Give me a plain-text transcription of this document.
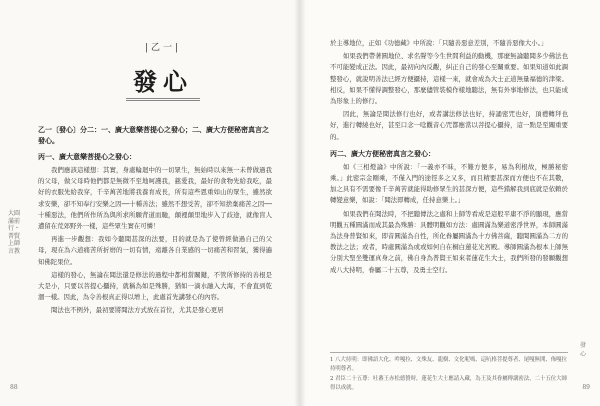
|乙一|
發心
乙一〔發心〕分二：一、廣大意樂菩提心之發心；二、廣大方便秘密真言之發心。
丙一、廣大意樂菩提心之發心：

我們應該這樣想：其實，身處輪迴中的一切眾生，無始時以來無一未曾做過我的父母，做父母時他們都是無微不至地呵護我，慈愛我，最好的食物先給我吃，最好的衣服先給我穿，千辛萬苦地將我養育成長，所有這些恩重如山的眾生，雖然欲求安樂，卻不知奉行安樂之因──十種善法；雖然不想受苦，卻不知捨棄痛苦之因──十種惡法，他們所作所為與所求所願背道而馳，顛裡顛里地步入了歧途，就像盲人遭留在荒郊野外一樣，這些眾生實在可憐！

再進一步觀想：我如今聽聞甚深的法要，目的就是為了使曾經做過自己的父母，現在為六道痛苦所折磨的一切有情，遠離各自業感的一切痛苦和習氣，獲得遍知佛陀果位。

這樣的發心，無論在聞法還是修法的過程中都相當關鍵，不管所修持的善根是大是小，只要以菩提心攝持，就稱為如是殊勝，猶如一滴水融入大海，不會直到乾涸一樣。因此，為令善根真正得以增上，此處首先講發心的內容。

聞法也不例外，最初要將聞法方式放在首位，尤其是發心更居

大圓滿前行・普賢上師言教
88	89

於主導地位，正如《功德藏》中所說：「只隨善惡意差別，不隨善惡像大小。」

如果我們帶著圓地位、求名聲等今生世間利益的動機，那麼無論聽聞多少佛法也不可能變成正法。因此，最初向內反觀，糾正自己的發心至關重要。如果知道如此調整發心，就說明善法已經方便攝持，這樣一來，就會成為大士正道無量福德的津梁。相反，如果不懂得調整發心，那麼儘管裝模作樣地聽法，無有外事地修法，也只能成為形象上的修行。

因此，無論是聞法修行也好，或者講法修法也好，持誦密咒也好，頂禮轉拜也好，進行轉繞也好，甚至口念一唸觀音心咒都應當以菩提心攝持，這一點是至關重要的。

丙二、廣大方便秘密真言之發心：

如《三相燈論》中所說：「一義亦不昧，不難方便多，易為利根故，極勝秘密乘。」此密宗金剛乘，不僅入門的途徑多之又多，而且精要甚深而方便也不在其數，加之具有不需要像千辛萬苦就能得助修眾生的甚深方便，這些錯解我到底就是依賴於轉變意樂，如說：「聞法即轉成，任持意樂上。」

如果我們在聞法時，不把聽傳法之處和上師等看成是這般平庸不淨的顯現，應當明觀五種圓滿而成其最為殊勝：具體明觀如方法：處圓滿為樂道密淨世界，本師圓滿為法身普賢如來，即音圓滿為自性，所化眷屬圓滿為十方佛菩薩，聽聞圓滿為二方的教法之法；或者，時處圓滿為或或如何自在桐白蓮花光宮殿。導師圓滿為根本上師無分別大聖坐雙運真身之前，佛自身為普賢王如來者蓮花生大士，我們所發的發願觀想成八大持明，眷屬二十五尊，及勇士空行。

1 八大持明：即佛語大化、吽嘎拉、文殊友、龍樹、文化呢嗎、這吭格菩提尊者、尾嘎無開、佈嘎拉持明尊者。

2 君臣二十五尊：吐蕃王赤松德贊時，蓮花生大士應請入藏，為王及其眷屬傳講密法，二十五位大師得以成就。

發心
